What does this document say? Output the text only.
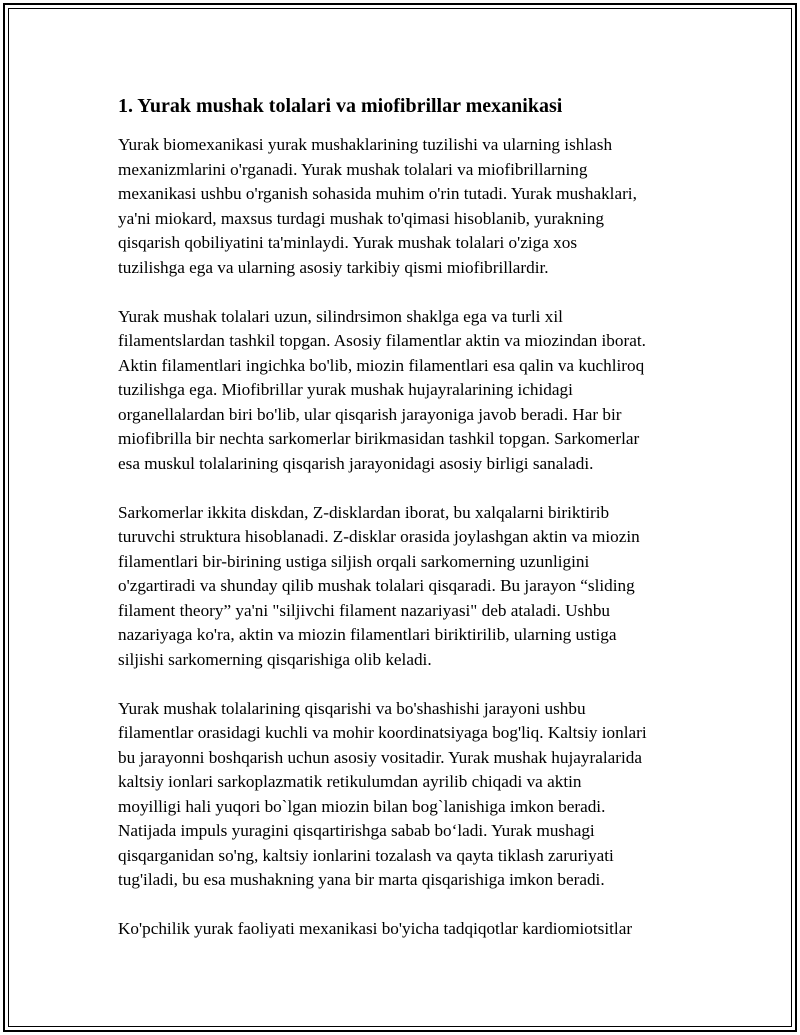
1. Yurak mushak tolalari va miofibrillar mexanikasi

Yurak biomexanikasi yurak mushaklarining tuzilishi va ularning ishlash
mexanizmlarini o'rganadi. Yurak mushak tolalari va miofibrillarning
mexanikasi ushbu o'rganish sohasida muhim o'rin tutadi. Yurak mushaklari,
ya'ni miokard, maxsus turdagi mushak to'qimasi hisoblanib, yurakning
qisqarish qobiliyatini ta'minlaydi. Yurak mushak tolalari o'ziga xos
tuzilishga ega va ularning asosiy tarkibiy qismi miofibrillardir.

Yurak mushak tolalari uzun, silindrsimon shaklga ega va turli xil
filamentslardan tashkil topgan. Asosiy filamentlar aktin va miozindan iborat.
Aktin filamentlari ingichka bo'lib, miozin filamentlari esa qalin va kuchliroq
tuzilishga ega. Miofibrillar yurak mushak hujayralarining ichidagi
organellalardan biri bo'lib, ular qisqarish jarayoniga javob beradi. Har bir
miofibrilla bir nechta sarkomerlar birikmasidan tashkil topgan. Sarkomerlar
esa muskul tolalarining qisqarish jarayonidagi asosiy birligi sanaladi.

Sarkomerlar ikkita diskdan, Z-disklardan iborat, bu xalqalarni biriktirib
turuvchi struktura hisoblanadi. Z-disklar orasida joylashgan aktin va miozin
filamentlari bir-birining ustiga siljish orqali sarkomerning uzunligini
o'zgartiradi va shunday qilib mushak tolalari qisqaradi. Bu jarayon “sliding
filament theory” ya'ni "siljivchi filament nazariyasi" deb ataladi. Ushbu
nazariyaga ko'ra, aktin va miozin filamentlari biriktirilib, ularning ustiga
siljishi sarkomerning qisqarishiga olib keladi.

Yurak mushak tolalarining qisqarishi va bo'shashishi jarayoni ushbu
filamentlar orasidagi kuchli va mohir koordinatsiyaga bog'liq. Kaltsiy ionlari
bu jarayonni boshqarish uchun asosiy vositadir. Yurak mushak hujayralarida
kaltsiy ionlari sarkoplazmatik retikulumdan ayrilib chiqadi va aktin
moyilligi hali yuqori bo`lgan miozin bilan bog`lanishiga imkon beradi.
Natijada impuls yuragini qisqartirishga sabab bo‘ladi. Yurak mushagi
qisqarganidan so'ng, kaltsiy ionlarini tozalash va qayta tiklash zaruriyati
tug'iladi, bu esa mushakning yana bir marta qisqarishiga imkon beradi.

Ko'pchilik yurak faoliyati mexanikasi bo'yicha tadqiqotlar kardiomiotsitlar
